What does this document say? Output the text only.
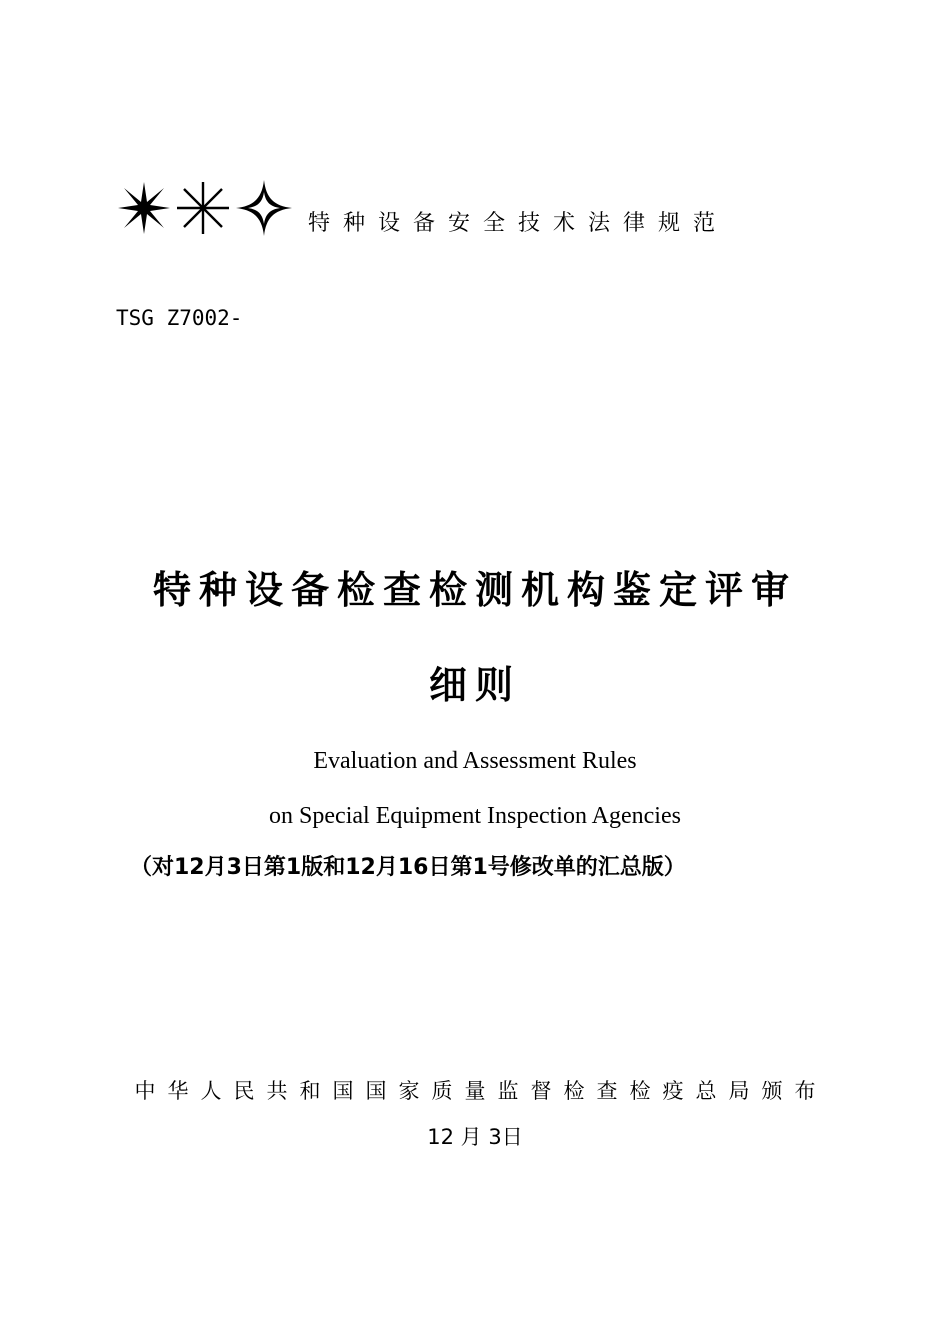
特种设备安全技术法律规范
TSG Z7002-
特种设备检查检测机构鉴定评审
细则
Evaluation and Assessment Rules
on Special Equipment Inspection Agencies
（对12月3日第1版和12月16日第1号修改单的汇总版）
中华人民共和国国家质量监督检查检疫总局颁布
12 月 3日
